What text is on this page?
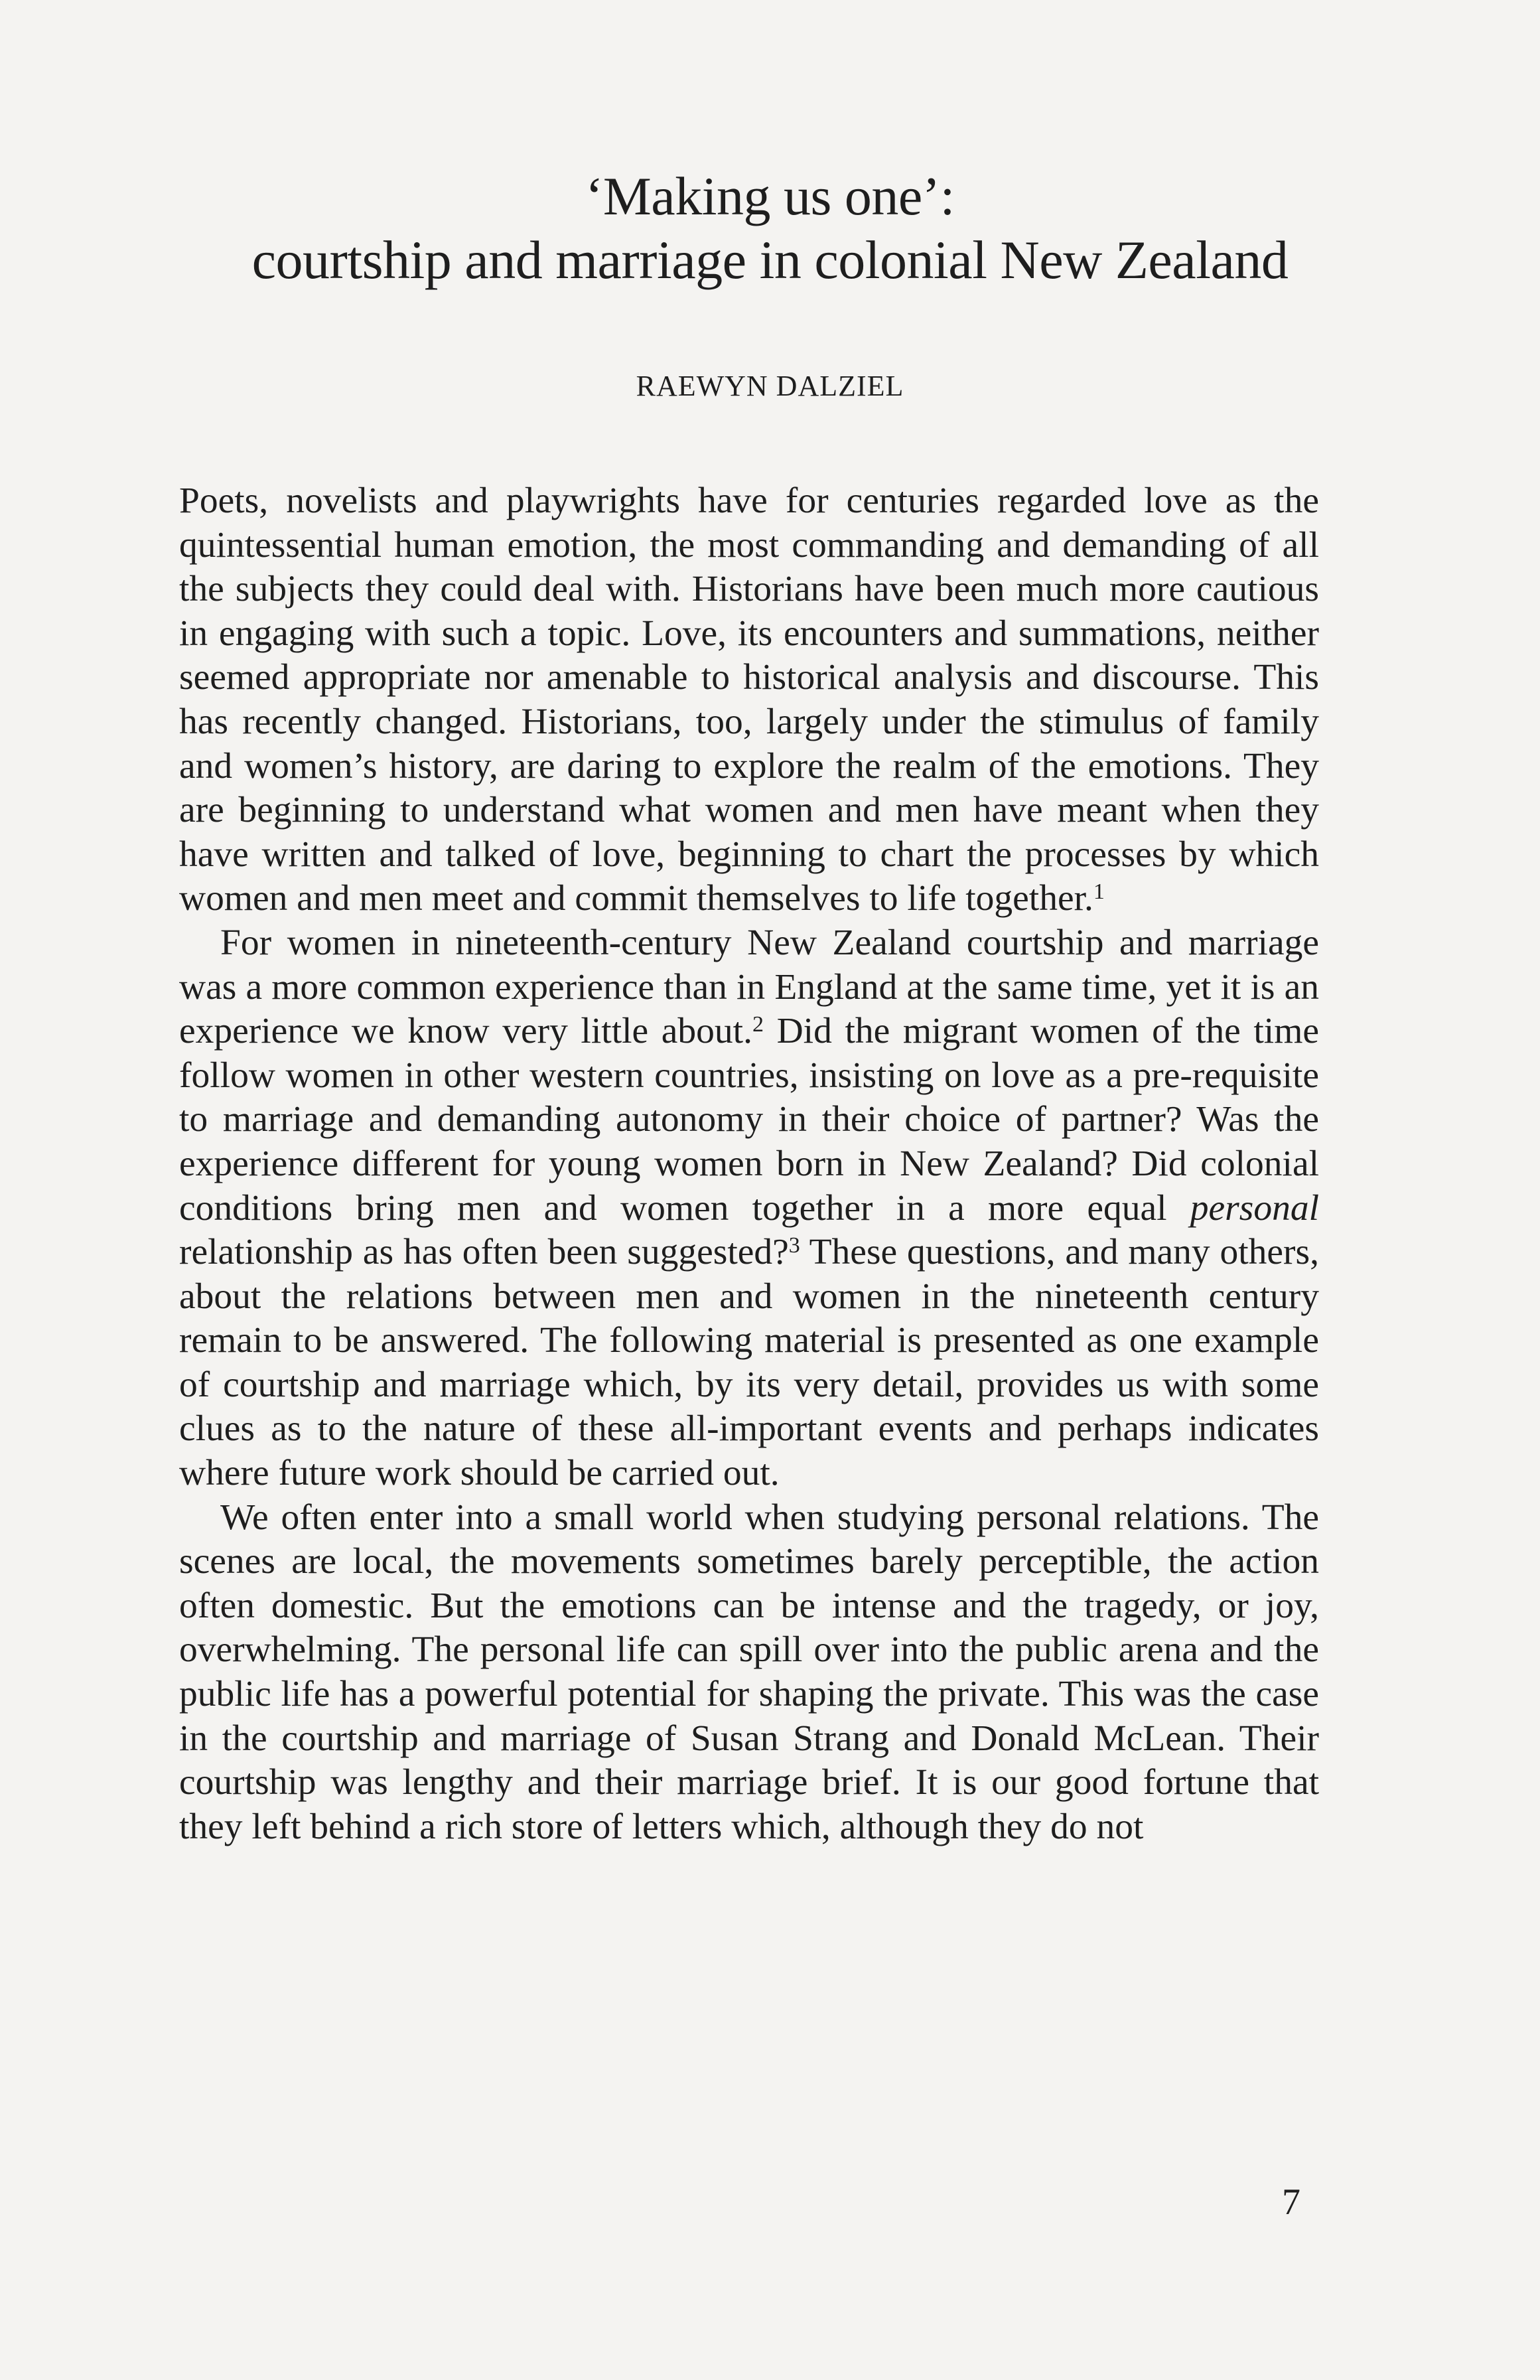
‘Making us one’:
courtship and marriage in colonial New Zealand
RAEWYN DALZIEL

Poets, novelists and playwrights have for centuries regarded love as the quintessential human emotion, the most commanding and demanding of all the subjects they could deal with. Historians have been much more cautious in engaging with such a topic. Love, its encounters and summations, neither seemed appropriate nor amenable to historical analysis and discourse. This has recently changed. Historians, too, largely under the stimulus of family and women’s history, are daring to explore the realm of the emotions. They are beginning to understand what women and men have meant when they have written and talked of love, beginning to chart the processes by which women and men meet and commit themselves to life together.$^1$

For women in nineteenth-century New Zealand courtship and marriage was a more common experience than in England at the same time, yet it is an experience we know very little about.$^2$ Did the migrant women of the time follow women in other western countries, insisting on love as a pre-requisite to marriage and demanding autonomy in their choice of partner? Was the experience different for young women born in New Zealand? Did colonial conditions bring men and women together in a more equal personal relationship as has often been suggested?$^3$ These questions, and many others, about the relations between men and women in the nineteenth century remain to be answered. The following material is presented as one example of courtship and marriage which, by its very detail, provides us with some clues as to the nature of these all-important events and perhaps indicates where future work should be carried out.

We often enter into a small world when studying personal relations. The scenes are local, the movements sometimes barely perceptible, the action often domestic. But the emotions can be intense and the tragedy, or joy, overwhelming. The personal life can spill over into the public arena and the public life has a powerful potential for shaping the private. This was the case in the courtship and marriage of Susan Strang and Donald McLean. Their courtship was lengthy and their marriage brief. It is our good fortune that they left behind a rich store of letters which, although they do not

7
